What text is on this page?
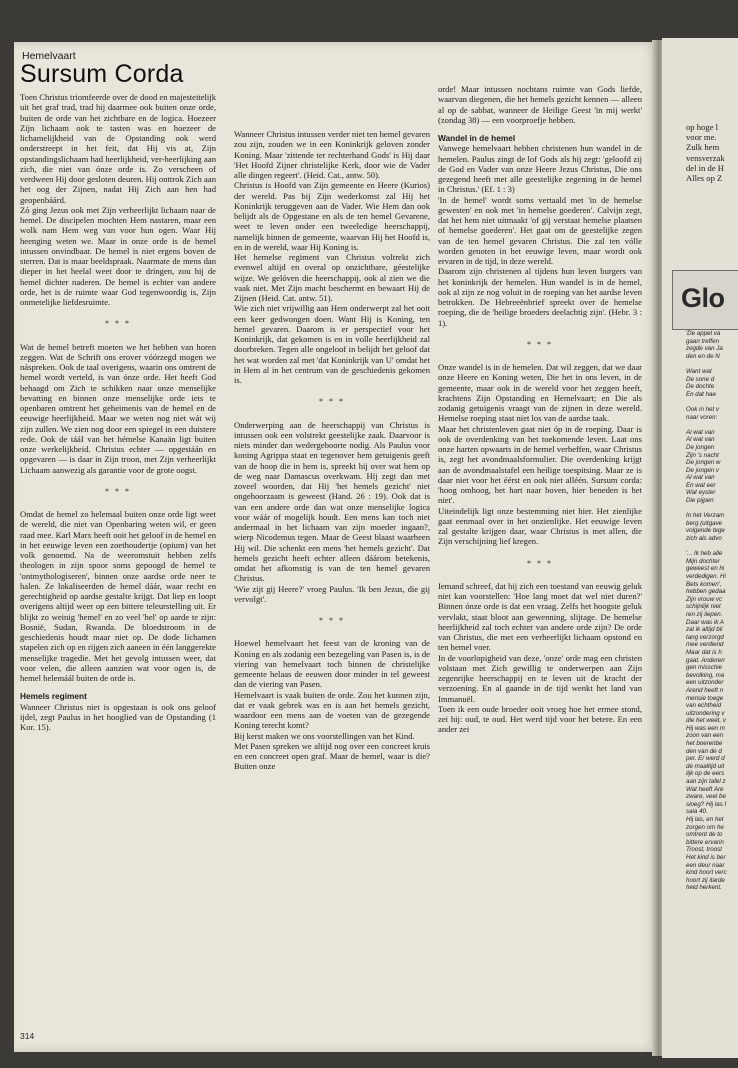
Hemelvaart
Sursum Corda

Toen Christus triomfeerde over de dood en majesteitelijk uit het graf trad, trad hij daarmee ook buiten onze orde, buiten de orde van het zichtbare en de logica. Hoezeer Zijn lichaam ook te tasten was en hoezeer de lichamelijkheid van de Opstanding ook werd onderstreept in het feit, dat Hij vis at, Zijn opstandingslichaam had heerlijkheid, ver-heerlijking aan zich, die niet van ónze orde is. Zo verscheen of verdween Hij door gesloten deuren. Hij onttrok Zich aan het oog der Zijnen, nadat Hij Zich aan hen had geopenbáárd.

Zó ging Jezus ook met Zijn verheerlijkt lichaam naar de hemel. De discipelen mochten Hem nastaren, maar een wolk nam Hem weg van voor hun ogen. Waar Hij heenging weten we. Maar in onze orde is de hemel intussen onvindbaar. De hemel is niet ergens boven de sterren. Dat is maar beeldspraak. Naarmate de mens dan dieper in het heelal weet door te dringen, zou hij de hemel dichter naderen. De hemel is echter van andere orde, het is de ruimte waar God tegenwoordig is, Zijn onmetelijke liefdesruimte.

* * *

Wat de hemel betreft moeten we het hebben van horen zeggen. Wat de Schrift ons erover vóórzegd mogen we náspreken. Ook de taal overigens, waarin ons omtrent de hemel wordt verteld, is van ónze orde. Het heeft God behaagd om Zich te schikken naar onze menselijke bevatting en binnen onze menselijke orde iets te openbaren omtrent het geheimenis van de hemel en de eeuwige heerlijkheid. Maar we weten nog niet wát wij zijn zullen. We zien nog door een spiegel in een duistere rede. Ook de tááI van het hémelse Kanaän ligt buiten onze werkelijkheid. Christus echter — opgestáán en opgevaren — is daar in Zijn troon, met Zijn verheerlijkt Lichaam aanwezig als garantie voor de grote oogst.

* * *

Omdat de hemel zo helemaal buiten onze orde ligt weet de wereld, die niet van Openbaring weten wil, er geen raad mee. Karl Marx heeft ooit het geloof in de hemel en in het eeuwige leven een zoethoudertje (opium) van het volk genoemd. Na de weeromstuit hebben zelfs theologen in zijn spoor soms gepoogd de hemel te 'ontmythologiseren', binnen onze aardse orde neer te halen. Ze lokaliseerden de hemel dáár, waar recht en gerechtigheid op aardse gestalte krijgt. Dat liep en loopt overigens altijd weer op een bittere teleurstelling uit. Er blijkt zo weinig 'hemel' en zo veel 'hel' op aarde te zijn: Bosnië, Sudan, Rwanda. De bloedstroom in de geschiedenis houdt maar niet op. De dode lichamen stapelen zich op en rijgen zich aaneen in één langgerekte menselijke tragedie. Met het gevolg intussen weer, dat voor velen, die alleen aanzien wat voor ogen is, de hemel helemáál buiten de orde is.

Hemels regiment

Wanneer Christus niet is opgestaan is ook ons geloof ijdel, zegt Paulus in het hooglied van de Opstanding (1 Kor. 15).

Wanneer Christus intussen verder niet ten hemel gevaren zou zijn, zouden we in een Koninkrijk geloven zonder Koning. Maar 'zittende ter rechterhand Gods' is Hij daar 'Het Hoofd Zijner christelijke Kerk, door wie de Vader alle dingen regeert'. (Heid. Cat., antw. 50).

Christus is Hoofd van Zijn gemeente en Heere (Kurios) der wereld. Pas bij Zijn wederkomst zal Hij het Koninkrijk teruggeven aan de Vader. Wie Hem dan ook belijdt als de Opgestane en als de ten hemel Gevarene, weet te leven onder een tweeledige heerschappij, namelijk binnen de gemeente, waarvan Hij het Hoofd is, en in de wereld, waar Hij Koning is.

Het hemelse regiment van Christus voltrekt zich evenwel altijd en overal op onzichtbare, géestelijke wijze. We gelóven die heerschappij, ook al zien we die vaak niet. Met Zijn macht beschermt en bewaart Hij de Zijnen (Heid. Cat. antw. 51).

Wie zich niet vrijwillig aan Hem onderwerpt zal het ooit een keer gedwongen doen. Want Hij is Koning, ten hemel gevaren. Daarom is er perspectief voor het Koninkrijk, dat gekomen is en in volle heerlijkheid zal doorbreken. Tegen alle ongeloof in belijdt het geloof dat het wat worden zal met 'dat Koninkrijk van U' omdat het in Hem al in het centrum van de geschiedenis gekomen is.

* * *

Onderwerping aan de heerschappij van Christus is intussen ook een volstrekt geestelijke zaak. Daarvoor is niets minder dan wedergeboorte nodig. Als Paulus voor koning Agrippa staat en tegenover hem getuigenis geeft van de hoop die in hem is, spreekt hij over wat hem op de weg naar Damascus overkwam. Hij zegt dan met zoveel woorden, dat Hij 'het hemels gezicht' niet ongehoorzaam is geweest (Hand. 26 : 19). Ook dat is van een andere orde dan wat onze menselijke logica voor wáár of mogelijk houdt. Een mens kan toch niet andermaal in het lichaam van zijn moeder ingaan?, wierp Nicodemus tegen. Maar de Geest blaast waarheen Hij wil. Die schenkt een mens 'het hemels gezicht'. Dat hemels gezicht heeft echter alleen dáárom betekenis, omdat het afkomstig is van de ten hemel gevaren Christus.

'Wie zijt gij Heere?' vroeg Paulus. 'Ik ben Jezus, die gij vervolgt'.

* * *

Hoewel hemelvaart het feest van de kroning van de Koning en als zodanig een bezegeling van Pasen is, is de viering van hemelvaart toch binnen de christelijke gemeente helaas de eeuwen door minder in tel geweest dan de viering van Pasen.

Hemelvaart is vaak buiten de orde. Zou het kunnen zijn, dat er vaak gebrek was en is aan het hemels gezicht, waardoor een mens aan de voeten van de gezegende Koning terecht komt?

Bij kerst maken we ons voorstellingen van het Kind.

Met Pasen spreken we altijd nog over een concreet kruis en een concreet open graf. Maar de hemel, waar is die? Buiten onze

orde! Maar intussen nochtans ruimte van Gods liefde, waarvan diegenen, die het hemels gezicht kennen — alleen al op de sabbat, wanneer de Heilige Geest 'in mij werkt' (zondag 38) — een voorproefje hebben.

Wandel in de hemel

Vanwege hemelvaart hebben christenen hun wandel in de hemelen. Paulus zingt de lof Gods als hij zegt: 'geloofd zij de God en Vader van onze Heere Jezus Christus, Die ons gezegend heeft met alle geestelijke zegening in de hemel in Christus.' (Ef. 1 : 3)

'In de hemel' wordt soms vertaald met 'in de hemelse gewesten' en ook met 'in hemelse goederen'. Calvijn zegt, dat het hem niet uitmaakt 'of gij verstaat hemelse plaatsen of hemelse goederen'. Het gaat om de geestelijke zegen van de ten hemel gevaren Christus. Die zal ten vólle worden genoten in het eeuwige leven, maar wordt ook ervaren in de tijd, in deze wereld.

Daarom zijn christenen al tijdens hun leven burgers van het koninkrijk der hemelen. Hun wandel is in de hemel, ook al zijn ze nog voluit in de roeping van het aardse leven betrokken. De Hebreeënbrief spreekt over de hemelse roeping, die de 'heilige broeders deelachtig zijn'. (Hebr. 3 : 1).

* * *

Onze wandel is in de hemelen. Dat wil zeggen, dat we daar onze Heere en Koning weten, Die het in ons leven, in de gemeente, maar ook in de wereld voor het zeggen heeft, krachtens Zijn Opstanding en Hemelvaart; en Die als zodanig getuigenis vraagt van de zijnen in deze wereld. Hemelse roeping staat niet los van de aardse taak.

Maar het christenleven gaat niet óp in de roeping. Daar is ook de overdenking van het toekomende leven. Laat ons onze harten opwaarts in de hemel verheffen, waar Christus is, zegt het avondmaalsformulier. Die overdenking krijgt aan de avondmaalstafel een heilige toespitsing. Maar ze is daar niet voor het éérst en ook niet alléén. Sursum corda: 'hoog omhoog, het hart naar boven, hier beneden is het niet'.

Uiteindelijk ligt onze bestemming niet hier. Het zienlijke gaat eenmaal over in het onzienlijke. Het eeuwige leven zal gestalte krijgen daar, waar Christus is met allen, die Zijn verschijning lief kregen.

* * *

Iemand schreef, dat hij zich een toestand van eeuwig geluk niet kan voorstellen: 'Hoe lang moet dat wel niet duren?' Binnen ónze orde is dat een vraag. Zelfs het hoogste geluk vervlakt, staat bloot aan gewenning, slijtage. De hemelse heerlijkheid zal toch echter van andere orde zijn? De orde van Christus, die met een verheerlijkt lichaam opstond en ten hemel voer.

In de voorlopigheid van deze, 'onze' orde mag een christen volstaan met Zich gewillig te onderwerpen aan Zijn zegenrijke heerschappij en te leven uit de kracht der verzoening. En al gaande in de tijd wenkt het land van Immanuël.

Toen ik een oude broeder ooit vroeg hoe het ermee stond, zei hij: oud, te oud. Het werd tijd voor het betere. En een ander zei

314
op hoge l
voor me.
Zulk hem
vensverzak
del in de H
Alles op Z
Glo
'De appel va
gaan treffen
zegde van Ja
den en de N
Want wat
De sone d
De dochte
En dat hae
Ook in het v
naar voren:
Al wat van
Al wat van
De jongen
Zijn 's nacht
De jongen w
De jongen v
Al wat van
En wat eer
Wat eyster
Die pijpen
In het Verzam
berg (uitgave
volgende tege
zich als advo
'... Ik heb alle
Mijn dochter
geweest en hi
verdedigen. Hi
Bets komen',
hebben gedaa
Zijn vrouw vc
schijnlijk niet
ren zij liepen.
Daar was ik A
zal ik altijd bli
tang verzorgd
mee verdiend
Maar dat is h
gaat. Anderen
gen misschie
bevolking, ma
een uitzonder
Arend heeft n
mensie toege
van echtheid
uitzondering v
die het weet, v
Hij was een m
zoon van een
het boerenbe
den van de d
per. Er werd d
de maaltijd uit
lijk op de eers
aan zijn tafel z
Wat heeft Are
zware, veel be
sloeg? Hij las I
saia 40.
Hij las, en het
zorgen om he
omtrent de to
bittere ervarin
Troost, troost
Het kind is ber
een deur naar
kind hoort verc
hoort zij itarde
heid herkent.
